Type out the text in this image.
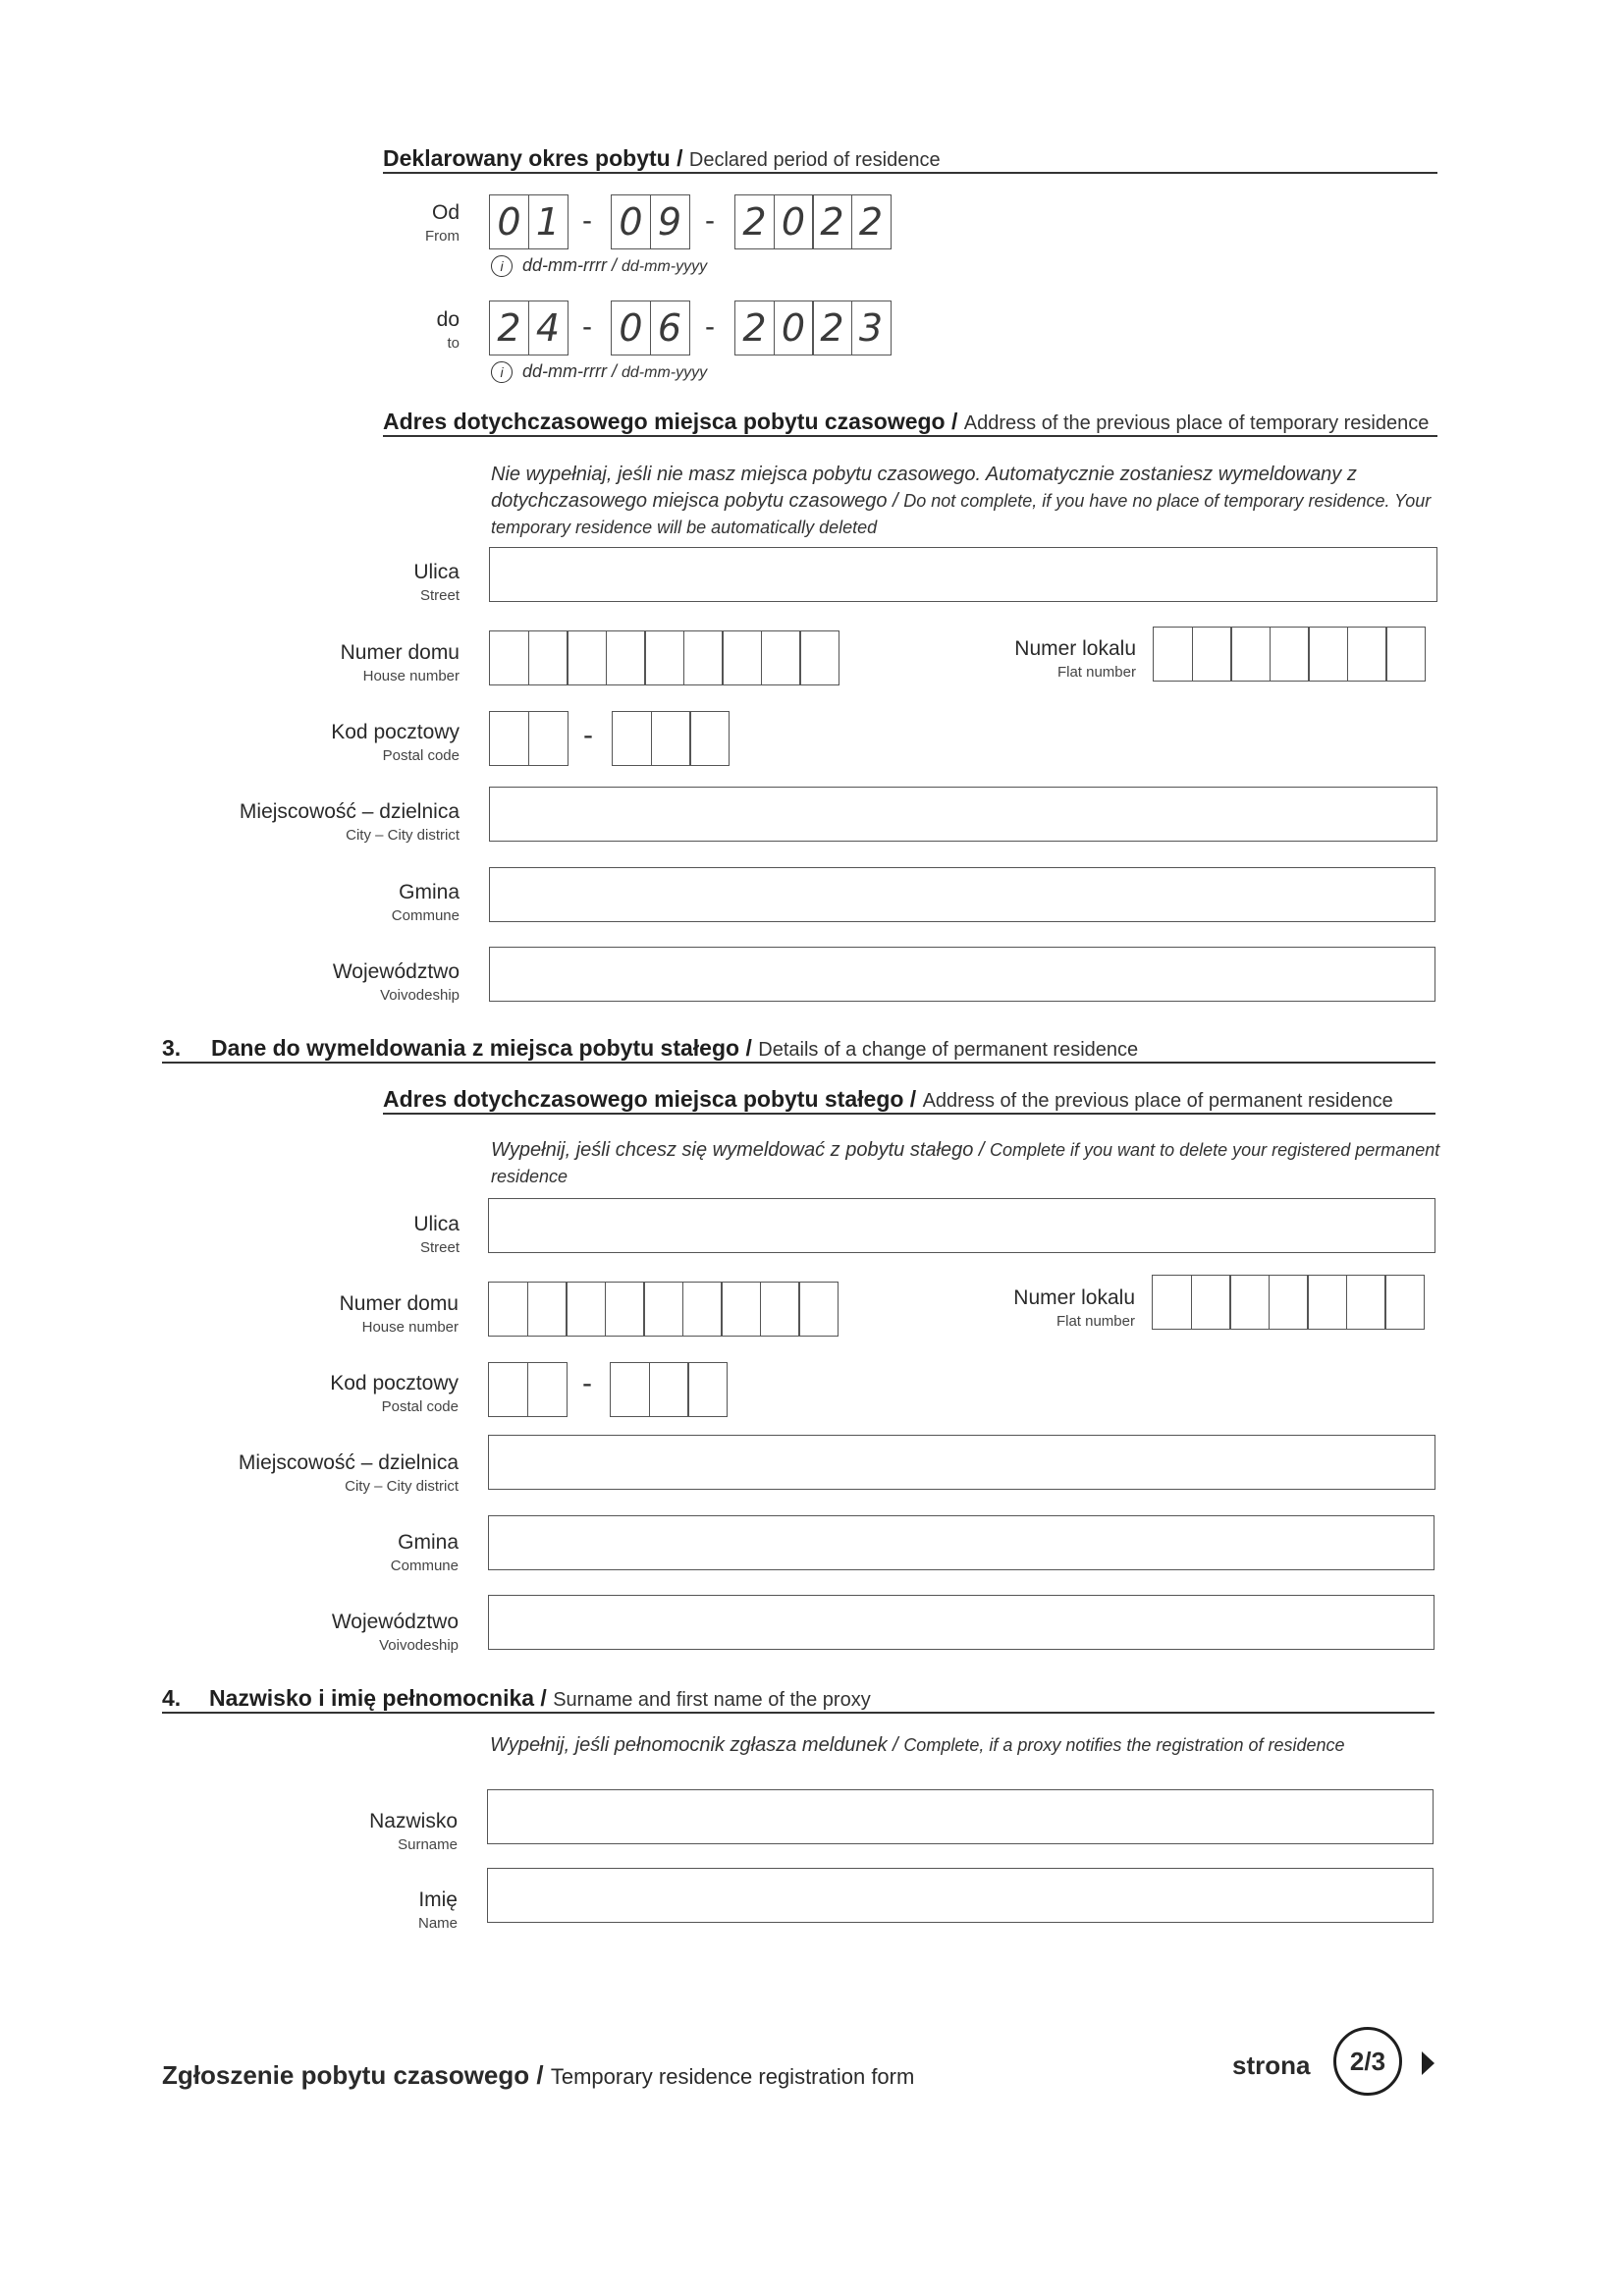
Deklarowany okres pobytu / Declared period of residence
Od
From 0 1 - 0 9 - 2 0 2 2
i dd-mm-rrrr / dd-mm-yyyy
do
to 2 4 - 0 6 - 2 0 2 3
i dd-mm-rrrr / dd-mm-yyyy
Adres dotychczasowego miejsca pobytu czasowego / Address of the previous place of temporary residence
Nie wypełniaj, jeśli nie masz miejsca pobytu czasowego. Automatycznie zostaniesz wymeldowany z dotychczasowego miejsca pobytu czasowego / Do not complete, if you have no place of temporary residence. Your temporary residence will be automatically deleted
Ulica
Street
Numer domu
House number
Numer lokalu
Flat number
Kod pocztowy
Postal code
-
Miejscowość – dzielnica
City – City district
Gmina
Commune
Województwo
Voivodeship
3. Dane do wymeldowania z miejsca pobytu stałego / Details of a change of permanent residence
Adres dotychczasowego miejsca pobytu stałego / Address of the previous place of permanent residence
Wypełnij, jeśli chcesz się wymeldować z pobytu stałego / Complete if you want to delete your registered permanent residence
Ulica
Street
Numer domu
House number
Numer lokalu
Flat number
Kod pocztowy
Postal code
-
Miejscowość – dzielnica
City – City district
Gmina
Commune
Województwo
Voivodeship
4. Nazwisko i imię pełnomocnika / Surname and first name of the proxy
Wypełnij, jeśli pełnomocnik zgłasza meldunek / Complete, if a proxy notifies the registration of residence
Nazwisko
Surname
Imię
Name
Zgłoszenie pobytu czasowego / Temporary residence registration form	strona	2/3
